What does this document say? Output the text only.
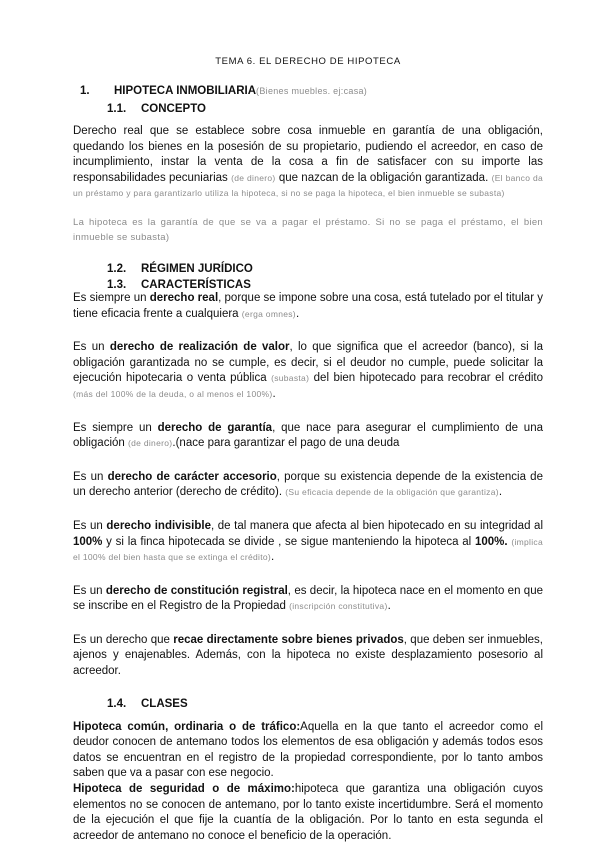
TEMA 6. EL DERECHO DE HIPOTECA
1.	HIPOTECA INMOBILIARIA (Bienes muebles. ej:casa)
1.1.	CONCEPTO

Derecho real que se establece sobre cosa inmueble en garantía de una obligación, quedando los bienes en la posesión de su propietario, pudiendo el acreedor, en caso de incumplimiento, instar la venta de la cosa a fin de satisfacer con su importe las responsabilidades pecuniarias (de dinero) que nazcan de la obligación garantizada. (El banco da un préstamo y para garantizarlo utiliza la hipoteca, si no se paga la hipoteca, el bien inmueble se subasta)

La hipoteca es la garantía de que se va a pagar el préstamo. Si no se paga el préstamo, el bien inmueble se subasta)

1.2.	RÉGIMEN JURÍDICO
1.3.	CARACTERÍSTICAS

Es siempre un derecho real, porque se impone sobre una cosa, está tutelado por el titular y tiene eficacia frente a cualquiera (erga omnes).

Es un derecho de realización de valor, lo que significa que el acreedor (banco), si la obligación garantizada no se cumple, es decir, si el deudor no cumple, puede solicitar la ejecución hipotecaria o venta pública (subasta) del bien hipotecado para recobrar el crédito (más del 100% de la deuda, o al menos el 100%).

Es siempre un derecho de garantía, que nace para asegurar el cumplimiento de una obligación (de dinero).(nace para garantizar el pago de una deuda

Es un derecho de carácter accesorio, porque su existencia depende de la existencia de un derecho anterior (derecho de crédito). (Su eficacia depende de la obligación que garantiza).

Es un derecho indivisible, de tal manera que afecta al bien hipotecado en su integridad al 100% y si la finca hipotecada se divide , se sigue manteniendo la hipoteca al 100%. (implica el 100% del bien hasta que se extinga el crédito).

Es un derecho de constitución registral, es decir, la hipoteca nace en el momento en que se inscribe en el Registro de la Propiedad (inscripción constitutiva).

Es un derecho que recae directamente sobre bienes privados, que deben ser inmuebles, ajenos y enajenables. Además, con la hipoteca no existe desplazamiento posesorio al acreedor.

1.4.	CLASES

Hipoteca común, ordinaria o de tráfico:Aquella en la que tanto el acreedor como el deudor conocen de antemano todos los elementos de esa obligación y además todos esos datos se encuentran en el registro de la propiedad correspondiente, por lo tanto ambos saben que va a pasar con ese negocio.

Hipoteca de seguridad o de máximo:hipoteca que garantiza una obligación cuyos elementos no se conocen de antemano, por lo tanto existe incertidumbre. Será el momento de la ejecución el que fije la cuantía de la obligación. Por lo tanto en esta segunda el acreedor de antemano no conoce el beneficio de la operación.
